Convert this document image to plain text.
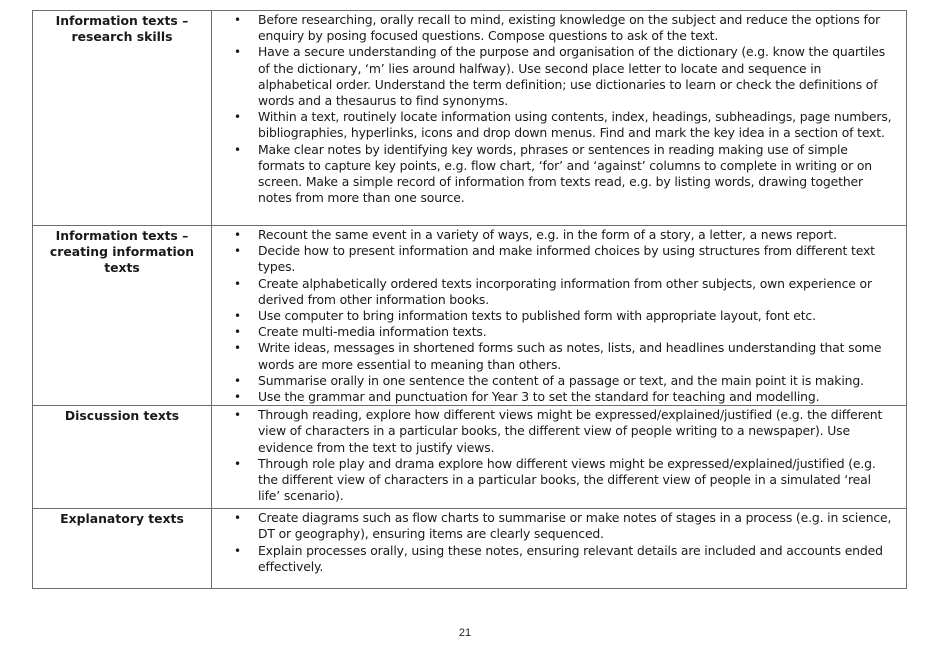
Information texts –
research skills

• Before researching, orally recall to mind, existing knowledge on the subject and reduce the options for enquiry by posing focused questions. Compose questions to ask of the text.
• Have a secure understanding of the purpose and organisation of the dictionary (e.g. know the quartiles of the dictionary, ‘m’ lies around halfway). Use second place letter to locate and sequence in alphabetical order. Understand the term definition; use dictionaries to learn or check the definitions of words and a thesaurus to find synonyms.
• Within a text, routinely locate information using contents, index, headings, subheadings, page numbers, bibliographies, hyperlinks, icons and drop down menus. Find and mark the key idea in a section of text.
• Make clear notes by identifying key words, phrases or sentences in reading making use of simple formats to capture key points, e.g. flow chart, ‘for’ and ‘against’ columns to complete in writing or on screen. Make a simple record of information from texts read, e.g. by listing words, drawing together notes from more than one source.

Information texts –
creating information texts

• Recount the same event in a variety of ways, e.g. in the form of a story, a letter, a news report.
• Decide how to present information and make informed choices by using structures from different text types.
• Create alphabetically ordered texts incorporating information from other subjects, own experience or derived from other information books.
• Use computer to bring information texts to published form with appropriate layout, font etc.
• Create multi-media information texts.
• Write ideas, messages in shortened forms such as notes, lists, and headlines understanding that some words are more essential to meaning than others.
• Summarise orally in one sentence the content of a passage or text, and the main point it is making.
• Use the grammar and punctuation for Year 3 to set the standard for teaching and modelling.

Discussion texts	• Through reading, explore how different views might be expressed/explained/justified (e.g. the different view of characters in a particular books, the different view of people writing to a newspaper). Use evidence from the text to justify views.
• Through role play and drama explore how different views might be expressed/explained/justified (e.g. the different view of characters in a particular books, the different view of people in a simulated ‘real life’ scenario).

Explanatory texts	• Create diagrams such as flow charts to summarise or make notes of stages in a process (e.g. in science, DT or geography), ensuring items are clearly sequenced.
• Explain processes orally, using these notes, ensuring relevant details are included and accounts ended effectively.
21
